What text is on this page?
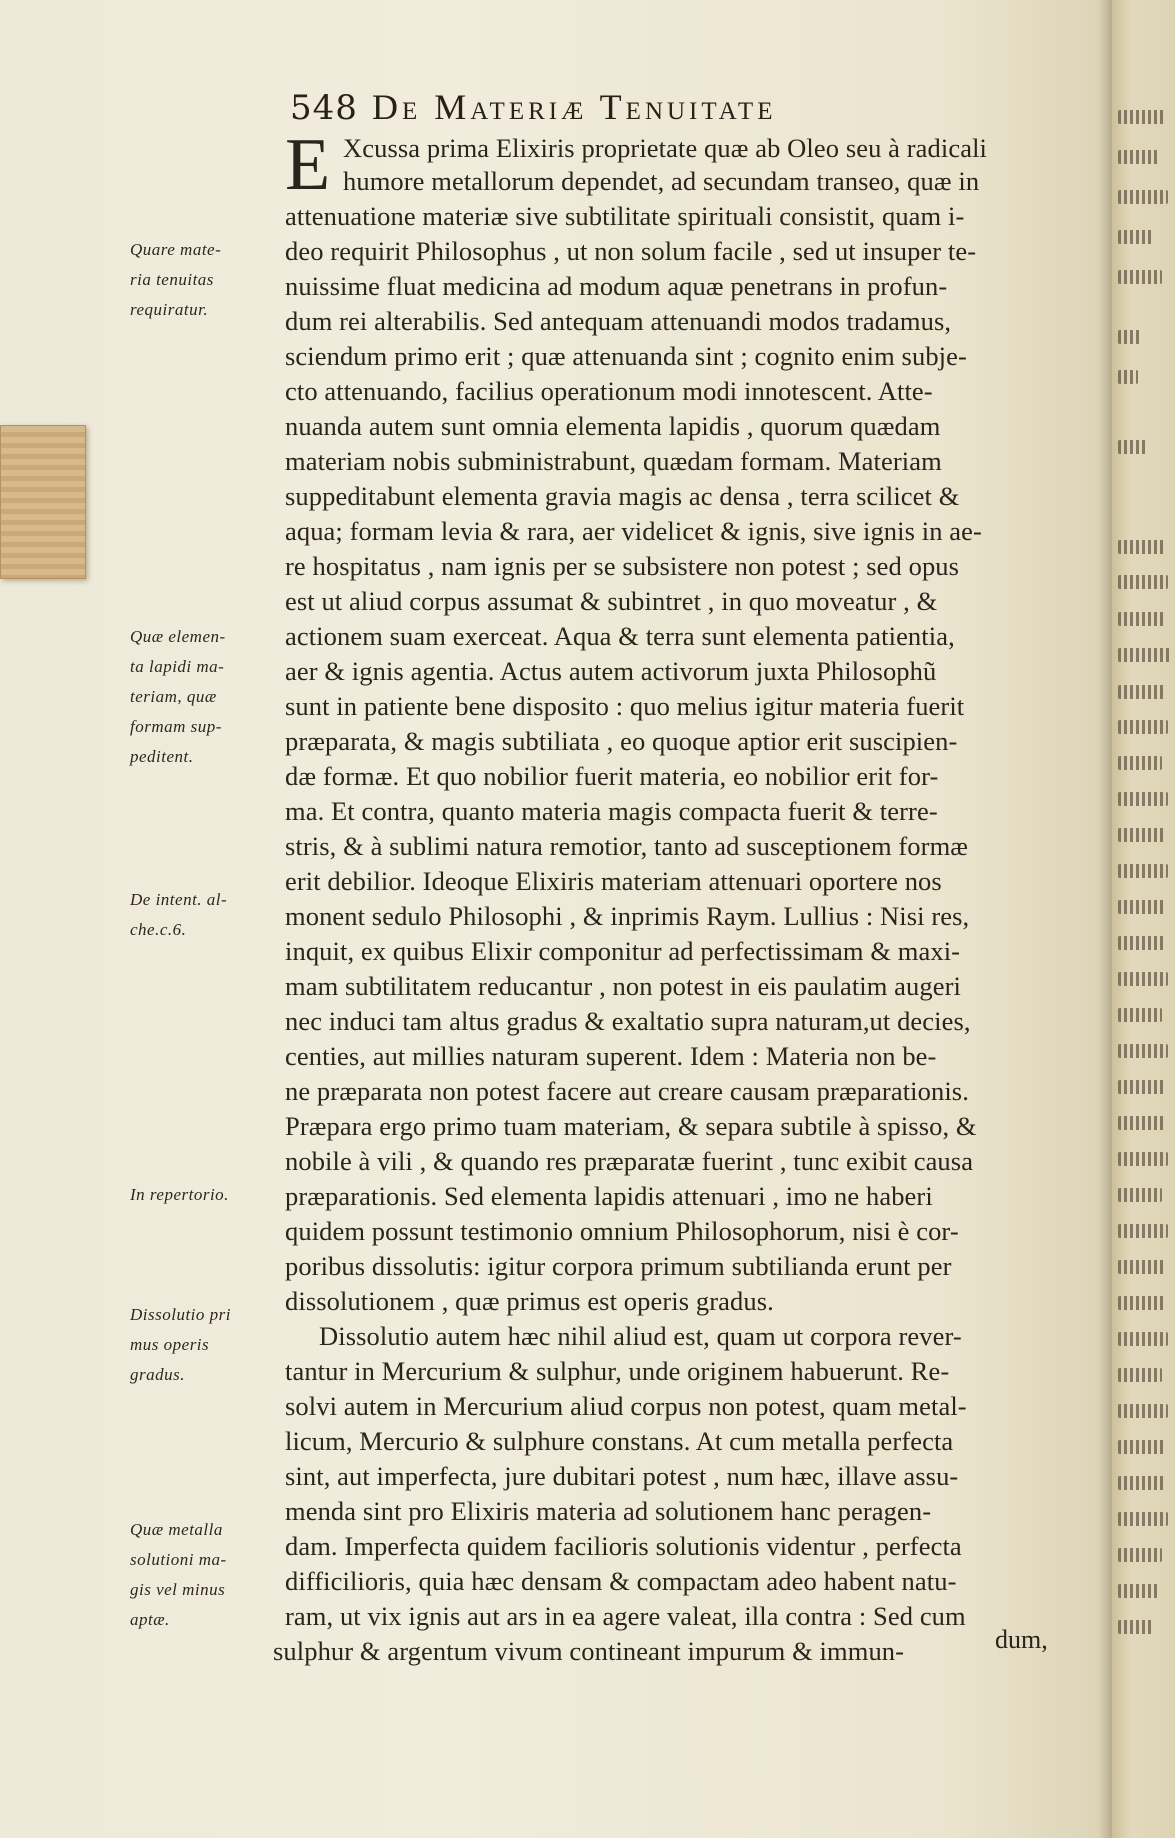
548 De Materiæ Tenuitate
E Xcussa prima Elixiris proprietate quæ ab Oleo seu à radicali
humore metallorum dependet, ad secundam transeo, quæ in
attenuatione materiæ sive subtilitate spirituali consistit, quam i-
deo requirit Philosophus , ut non solum facile , sed ut insuper te-
nuissime fluat medicina ad modum aquæ penetrans in profun-
dum rei alterabilis. Sed antequam attenuandi modos tradamus,
sciendum primo erit ; quæ attenuanda sint ; cognito enim subje-
cto attenuando, facilius operationum modi innotescent. Atte-
nuanda autem sunt omnia elementa lapidis , quorum quædam
materiam nobis subministrabunt, quædam formam. Materiam
suppeditabunt elementa gravia magis ac densa , terra scilicet &
aqua; formam levia & rara, aer videlicet & ignis, sive ignis in ae-
re hospitatus , nam ignis per se subsistere non potest ; sed opus
est ut aliud corpus assumat & subintret , in quo moveatur , &
actionem suam exerceat. Aqua & terra sunt elementa patientia,
aer & ignis agentia. Actus autem activorum juxta Philosophũ
sunt in patiente bene disposito : quo melius igitur materia fuerit
præparata, & magis subtiliata , eo quoque aptior erit suscipien-
dæ formæ. Et quo nobilior fuerit materia, eo nobilior erit for-
ma. Et contra, quanto materia magis compacta fuerit & terre-
stris, & à sublimi natura remotior, tanto ad susceptionem formæ
erit debilior. Ideoque Elixiris materiam attenuari oportere nos
monent sedulo Philosophi , & inprimis Raym. Lullius : Nisi res,
inquit, ex quibus Elixir componitur ad perfectissimam & maxi-
mam subtilitatem reducantur , non potest in eis paulatim augeri
nec induci tam altus gradus & exaltatio supra naturam,ut decies,
centies, aut millies naturam superent. Idem : Materia non be-
ne præparata non potest facere aut creare causam præparationis.
Præpara ergo primo tuam materiam, & separa subtile à spisso, &
nobile à vili , & quando res præparatæ fuerint , tunc exibit causa
præparationis. Sed elementa lapidis attenuari , imo ne haberi
quidem possunt testimonio omnium Philosophorum, nisi è cor-
poribus dissolutis: igitur corpora primum subtilianda erunt per
dissolutionem , quæ primus est operis gradus.
Dissolutio autem hæc nihil aliud est, quam ut corpora rever-
tantur in Mercurium & sulphur, unde originem habuerunt. Re-
solvi autem in Mercurium aliud corpus non potest, quam metal-
licum, Mercurio & sulphure constans. At cum metalla perfecta
sint, aut imperfecta, jure dubitari potest , num hæc, illave assu-
menda sint pro Elixiris materia ad solutionem hanc peragen-
dam. Imperfecta quidem facilioris solutionis videntur , perfecta
difficilioris, quia hæc densam & compactam adeo habent natu-
ram, ut vix ignis aut ars in ea agere valeat, illa contra : Sed cum
sulphur & argentum vivum contineant impurum & immun-	dum,
Quare mate-
ria tenuitas
requiratur.
Quæ elemen-
ta lapidi ma-
teriam, quæ
formam sup-
peditent.
De intent. al-
che.c.6.
In repertorio.
Dissolutio pri
mus operis
gradus.
Quæ metalla
solutioni ma-
gis vel minus
aptæ.
